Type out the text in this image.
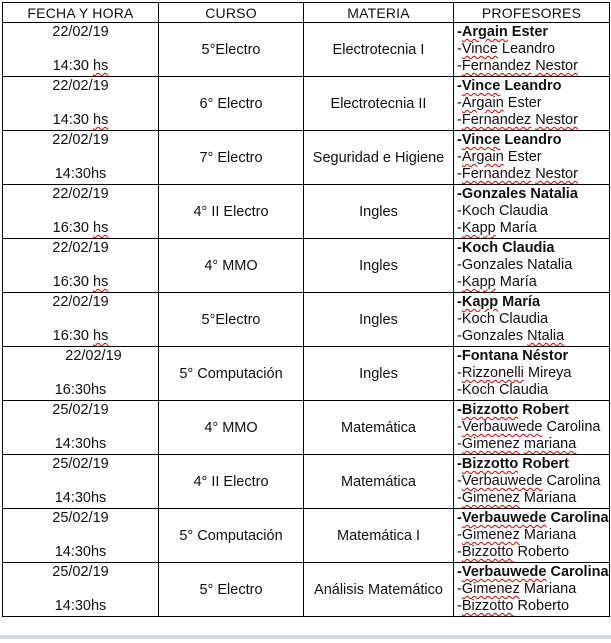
FECHA Y HORA	CURSO	MATERIA	PROFESORES

22/02/19
14:30 hs
	5°Electro	Electrotecnia I	
-Argain Ester
-Vince Leandro
-Fernandez Nestor

22/02/19
14:30 hs
	6° Electro	Electrotecnia II	
-Vince Leandro
-Argain Ester
-Fernandez Nestor

22/02/19
14:30hs
	7° Electro	Seguridad e Higiene	
-Vince Leandro
-Argain Ester
-Fernandez Nestor

22/02/19
16:30 hs
	4° II Electro	Ingles	
-Gonzales Natalia
-Koch Claudia
-Kapp María

22/02/19
16:30 hs
	4° MMO	Ingles	
-Koch Claudia
-Gonzales Natalia
-Kapp María

22/02/19
16:30 hs
	5°Electro	Ingles	
-Kapp María
-Koch Claudia
-Gonzales Ntalia

22/02/19
16:30hs
	5° Computación	Ingles	
-Fontana Néstor
-Rizzonelli Mireya
-Koch Claudia

25/02/19
14:30hs
	4° MMO	Matemática	
-Bizzotto Robert
-Verbauwede Carolina
-Gimenez mariana

25/02/19
14:30hs
	4° II Electro	Matemática	
-Bizzotto Robert
-Verbauwede Carolina
-Gimenez Mariana

25/02/19
14:30hs
	5° Computación	Matemática I	
-Verbauwede Carolina
-Gimenez Mariana
-Bizzotto Roberto

25/02/19
14:30hs
	5° Electro	Análisis Matemático	
-Verbauwede Carolina
-Gimenez Mariana
-Bizzotto Roberto
